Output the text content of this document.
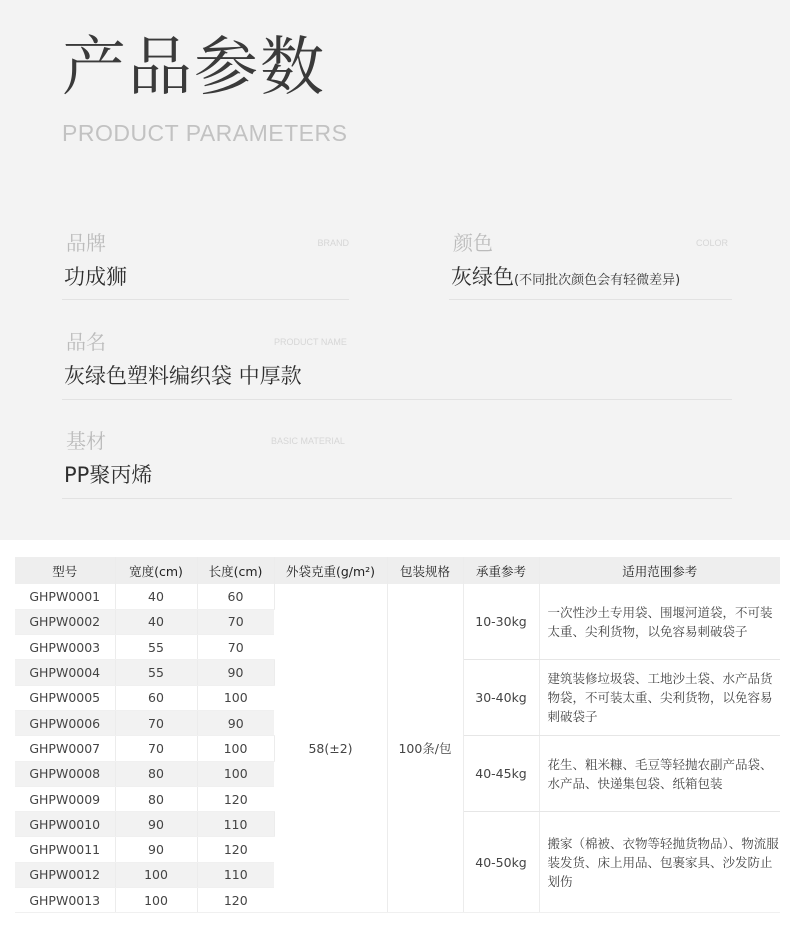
产品参数
PRODUCT PARAMETERS
品牌	BRAND
功成狮
颜色	COLOR
灰绿色(不同批次颜色会有轻微差异)
品名	PRODUCT NAME
灰绿色塑料编织袋 中厚款
基材	BASIC MATERIAL
PP聚丙烯
型号	宽度(cm)	长度(cm)	外袋克重(g/m²)	包装规格	承重参考	适用范围参考
GHPW0001	40	60	58(±2)	100条/包	10-30kg	一次性沙土专用袋、围堰河道袋，不可装太重、尖利货物，以免容易刺破袋子
GHPW0002	40	70				
GHPW0003	55	70				
GHPW0004	55	90			30-40kg	建筑装修垃圾袋、工地沙土袋、水产品货物袋，不可装太重、尖利货物，以免容易刺破袋子
GHPW0005	60	100				
GHPW0006	70	90				
GHPW0007	70	100			40-45kg	花生、粗米糠、毛豆等轻抛农副产品袋、水产品、快递集包袋、纸箱包装
GHPW0008	80	100				
GHPW0009	80	120				
GHPW0010	90	110			40-50kg	搬家（棉被、衣物等轻抛货物品）、物流服装发货、床上用品、包裹家具、沙发防止划伤
GHPW0011	90	120				
GHPW0012	100	110				
GHPW0013	100	120				
